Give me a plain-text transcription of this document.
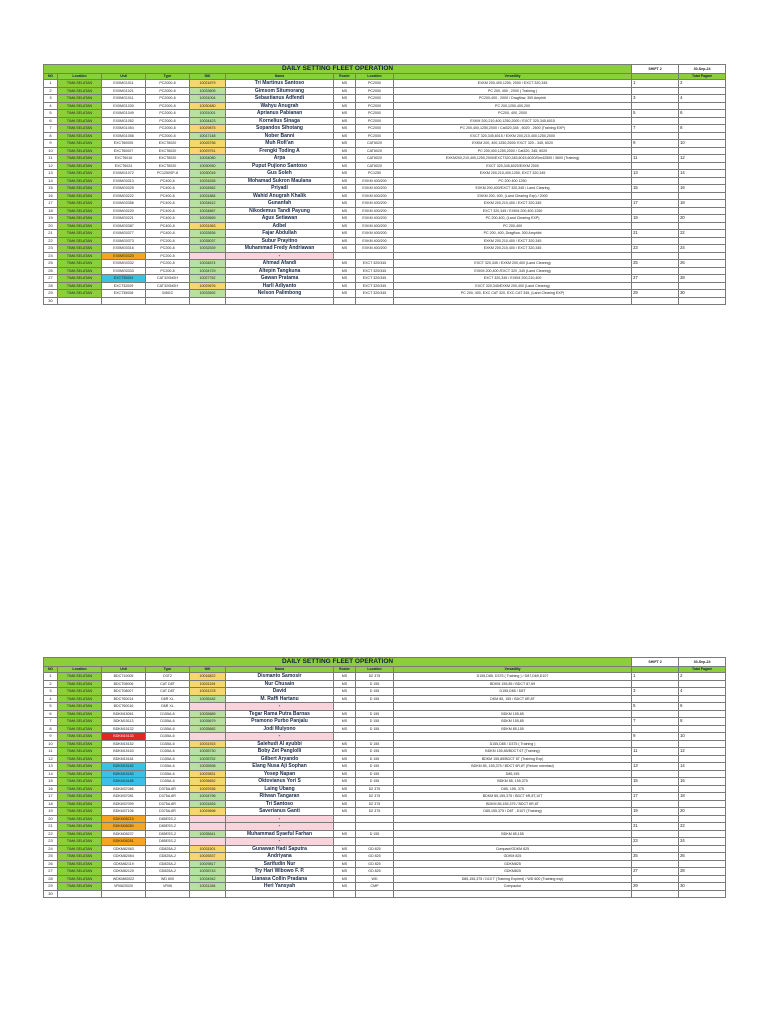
DAILY SETTING FLEET OPERATION									SHIFT 2	30-Sep-24
NO	Location	Unit	Type	NIK	Nama	Roster	Location	Versatility		Total Pagare
1	TIMA SELATAN	EX0MG1011	PC2000-8	10021879	Tri Martinus Santoso	MS	PC2000	EXKM 200,400,1250, 2000 / EXCT 320,345	1	2
2	TIMA SELATAN	EX0MG1021	PC2000-8	10033605	Gimsom Situmorang	MS	PC2000	PC 200, 400 , 2000 ( Training )		
3	TIMA SELATAN	EX0MG1011	PC2000-8	10031004	Sebastianus Adfendi	MS	PC2000	PC200-400 , 2000 / Dragflow, 300 Amphib	3	4
4	TIMA SELATAN	EX0MG1030	PC2000-8	10030480	Wahyu Anugrah	MS	PC2000	PC 200,1250,400,200		
5	TIMA SELATAN	EX0MG1049	PC2000-8	10031001	Aprianus Pabianan	MS	PC2000	PC200, 400, 2000	5	6
6	TIMA SELATAN	EX0MG1052	PC2000-8	10034423	Kornelius Sinaga	MS	PC2000	EXKM 200,210,400,1250,2000 / EXCT 320,345,6015		
7	TIMA SELATAN	EX0MG1054	PC2000-8	10029875	Sopandos Sihotang	MS	PC2000	PC 200,400,1250,2000 / Cat320,345 , 6020 , 2600 (Training EXP)	7	8
8	TIMA SELATAN	EX0MG1056	PC2000-8	10017148	Nober Banni	MS	PC2000	EXCT 320,345,6015 / EXKM 200,210,400,1250,2000		
9	TIMA SELATAN	EXCT60005	EXCT6020	10026756	Muh Rofi'an	MS	CAT6020	EXKM 200, 400,1250,2000/ EXCT 320 - 345, 6020	9	10
10	TIMA SELATAN	EXCT60007	EXCT6020	10029751	Frengki Toding A	MS	CAT6020	PC 200,400,1250,2000 / Cat320, 345, 6020		
11	TIMA SELATAN	EXCT6016	EXCT6020	10034080	Arpa	MS	CAT6020	EXKM200,210,400,1250,2000/EXCT320,345,6015,6020/Dm42500 / 3600 (Training)	11	12
12	TIMA SELATAN	EXCT6024	EXCT6020	10030930	Puput Pujiono Santoso	MS	CAT6020	EXCT 320,345,6020/EXKM 2000		
13	TIMA SELATAN	EX0MG1072	PC1250SP-8	10030016	Gus Soleh	MS	PC1250	EXKM 200,210,400,1250, EXCT 320,345	13	14
14	TIMA SELATAN	EX0MG0313	PC400-8	10031635	Mohamad Sukron Maulana	MS	EXKM 400/200	PC 200 400 1250		
15	TIMA SELATAN	EX0MG0325	PC400-8	10034562	Priyadi	MS	EXKM 400/200	EXKM 200,400/EXCT 320,345 / Land Clearing	15	16
16	TIMA SELATAN	EX0MG0222	PC400-8	10031884	Wahid Anugrah Khalik	MS	EXKM 400/200	EXKM 200, 400, (Land Clearing Exp) / 2000		
17	TIMA SELATAN	EX0MG0356	PC400-8	10034612	Gunanfah	MS	EXKM 400/200	EXKM 200,210,400 / EXCT 320,345	17	18
18	TIMA SELATAN	EX0MG0220	PC400-8	10034867	Nikodemus Tandi Payung	MS	EXKM 400/200	EXCT 320,345 / EXKM 200,400,1250		
19	TIMA SELATAN	EX0MG0221	PC400-8	10033659	Agus Setiawan	MS	EXKM 400/200	PC 200,400, (Land Clearing EXP)	19	20
20	TIMA SELATAN	EX0MG0387	PC400-8	10031563	Adbel	MS	EXKM 400/200	PC 200-400		
21	TIMA SELATAN	EX0MG0377	PC400-8	10033636	Fajar Abdullah	MS	EXKM 400/200	PC 200, 400, Dragflow, 300 Amphibi	21	22
22	TIMA SELATAN	EX0MG0373	PC200-8	10035037	Subur Prayitno	MS	EXKM 400/200	EXKM 200,210,400 / EXCT 320,345		
23	TIMA SELATAN	EX0MG0316	PC200-8	10032539	Muhammad Fredy Andriawan	MS	EXKM 400/200	EXKM 200,210,400 / EXCT 320,345	23	24
24	TIMA SELATAN	EX0MG0320	PC200-8		-					
25	TIMA SELATAN	EX0MG0332	PC200-8	10034874	Ahmad Afandi	MS	EXCT 320/345	EXCT 320,345 / EXKM 200,400 (Land Clearing)	25	26
26	TIMA SELATAN	EX0MG0333	PC200-8	10034729	Altepin Tangkuna	MS	EXCT 320/345	EXKM 200,400 /EXCT 320 ,345 (Land Clearing)		
27	TIMA SELATAN	EXCT30004	CAT320NGH	10027762	Gawan Pratama	MS	EXCT 320/345	EXCT 320,345 / EXKM 200,210,400	27	28
28	TIMA SELATAN	EXCT32009	CAT320NGH	10029676	Harli Adiyanto	MS	EXCT 320/345	EXCT 320,345/EXKM 200,400 (Land Clearing)		
29	TIMA SELATAN	EXCT35008	345GC	10033592	Nelson Palimbong	MS	EXCT 320/345	PC 200, 400, EXC CAT 320, EXC CAT 345, (Land Clearing EXP)	29	30
30										
DAILY SETTING FLEET OPERATION									SHIFT 2	30-Sep-24
NO	Location	Unit	Type	NIK	Nama	Roster	Location	Versatility		Total Pagare
1	TIMA SELATAN	BDCT10005	D3T2	10016822	Dismanto Samosir	MS	D2 375	D155,D85, D375 ( Training ) / D87,D69,D107	1	2
2	TIMA SELATAN	BDCT08006	CAT D8T	10031194	Nur Chusain	MS	D 155	BDKM 155,85 / BDCT 87,69		
3	TIMA SELATAN	BDCT08007	CAT D8T	10031378	David	MS	D 155	D155,D85 / D8T	3	4
4	TIMA SELATAN	BDCT60014	D6R XL	10035182	M. Raffi Hartanu	MS	D 155	DKM 85, 155 / BDCT 6R,8T		
5	TIMA SELATAN	BDCT60016	D6R XL		-				5	6
6	TIMA SELATAN	BDKM15061	D155A-6	10035689	Tegar Rama Putra Barnas	MS	D 155	BDKM 155,85		
7	TIMA SELATAN	BDKM15113	D155A-6	10035679	Pramono Purbo Panjalu	MS	D 155	BDKM 155,85	7	8
8	TIMA SELATAN	BDKM15132	D155A-6	10035682	Jodi Mulyono	MS	D 155	BDKM 85,155		
9	TIMA SELATAN	BDKM15133	D155A-6		-				9	10
10	TIMA SELATAN	BDKM15152	D155A-6	10031915	Salehudi Al ayubbi	MS	D 155	D155,D85 / D375 ( Training )		
11	TIMA SELATAN	BDKM15163	D155A-6	10035730	Boby Zet Panglolli	MS	D 155	BDKM 155,85/BDCT 6T (Training)	11	12
12	TIMA SELATAN	BDKM15181	D155A-6	10035752	Gilbert Aryando	MS	D 155	BDKM 155,85/BDCT 6T (Training Exp)		
13	TIMA SELATAN	BDKM15182	D155A-6	10035598	Elang Nusa Aji Sophan	MS	D 155	BDKM 85, 155,375 / BDCT 6R,8T (Return orientasi)	13	14
14	TIMA SELATAN	BDKM15183	D155A-6	10029831	Yosep Napan	MS	D 155	D85,155		
15	TIMA SELATAN	BDKM15185	D155A-6	10035652	Oktovianus Yori S	MS	D 155	BDKM 85, 155,375	15	16
16	TIMA SELATAN	BDKM37086	D375A-6R	10029336	Laing Ubang	MS	D2 375	D85, 155, 375		
17	TIMA SELATAN	BDKM37081	D375A-6R	10034796	Ritwan Tangaran	MS	D2 375	BDKM 85,155,375 / BDCT 6R,8T,10T	17	18
18	TIMA SELATAN	BDKM37099	D375A-6R	10031826	Tri Santoso	MS	D2 375	BDKM 85,155,375 / BDCT 6R,8T		
19	TIMA SELATAN	BDKM37106	D375A-6R	10029698	Saverianus Ganti	MS	D2 375	D85,155,375 / D8T , D10T (Training)	19	20
20	TIMA SELATAN	BDKM08219	D85ESS-2		-					
21	TIMA SELATAN	BDKM08280	D85ESS-2		-				21	22
22	TIMA SELATAN	BDKM08237	D85ESS-2	10035641	Muhammad Syaeful Farhan	MS	D 155	BDKM 85,155		
23	TIMA SELATAN	BDKM08281	D85ESS-2		-				23	24
24	TIMA SELATAN	GDKM82063	GD825A-2	10031501	Gunawan Hadi Saputra	MS	GD 825	Compact/GDKM 825		
25	TIMA SELATAN	GDKM82064	GD825A-2	10026537	Andriyana	MS	GD 825	GDKM 825	25	26
26	TIMA SELATAN	GDKM82119	GD825A-2	10029817	Sarifudin Nur	MS	GD 825	GDKM825		
27	TIMA SELATAN	GDKM82120	GD825A-2	10035743	Try Hari Wibowo F. P.	MS	GD 825	GDKM825	27	28
28	TIMA SELATAN	WDKM60022	WD 600	10034942	Lianasa Collin Pradana	MS	WD	D85,155,375 / D10 T (Training Expired) / WD 600 (Training exp)		
29	TIMA SELATAN	VR0620020	VR06	10031284	Heri Yansyah	MS	CMP	Compactor	29	30
30										
